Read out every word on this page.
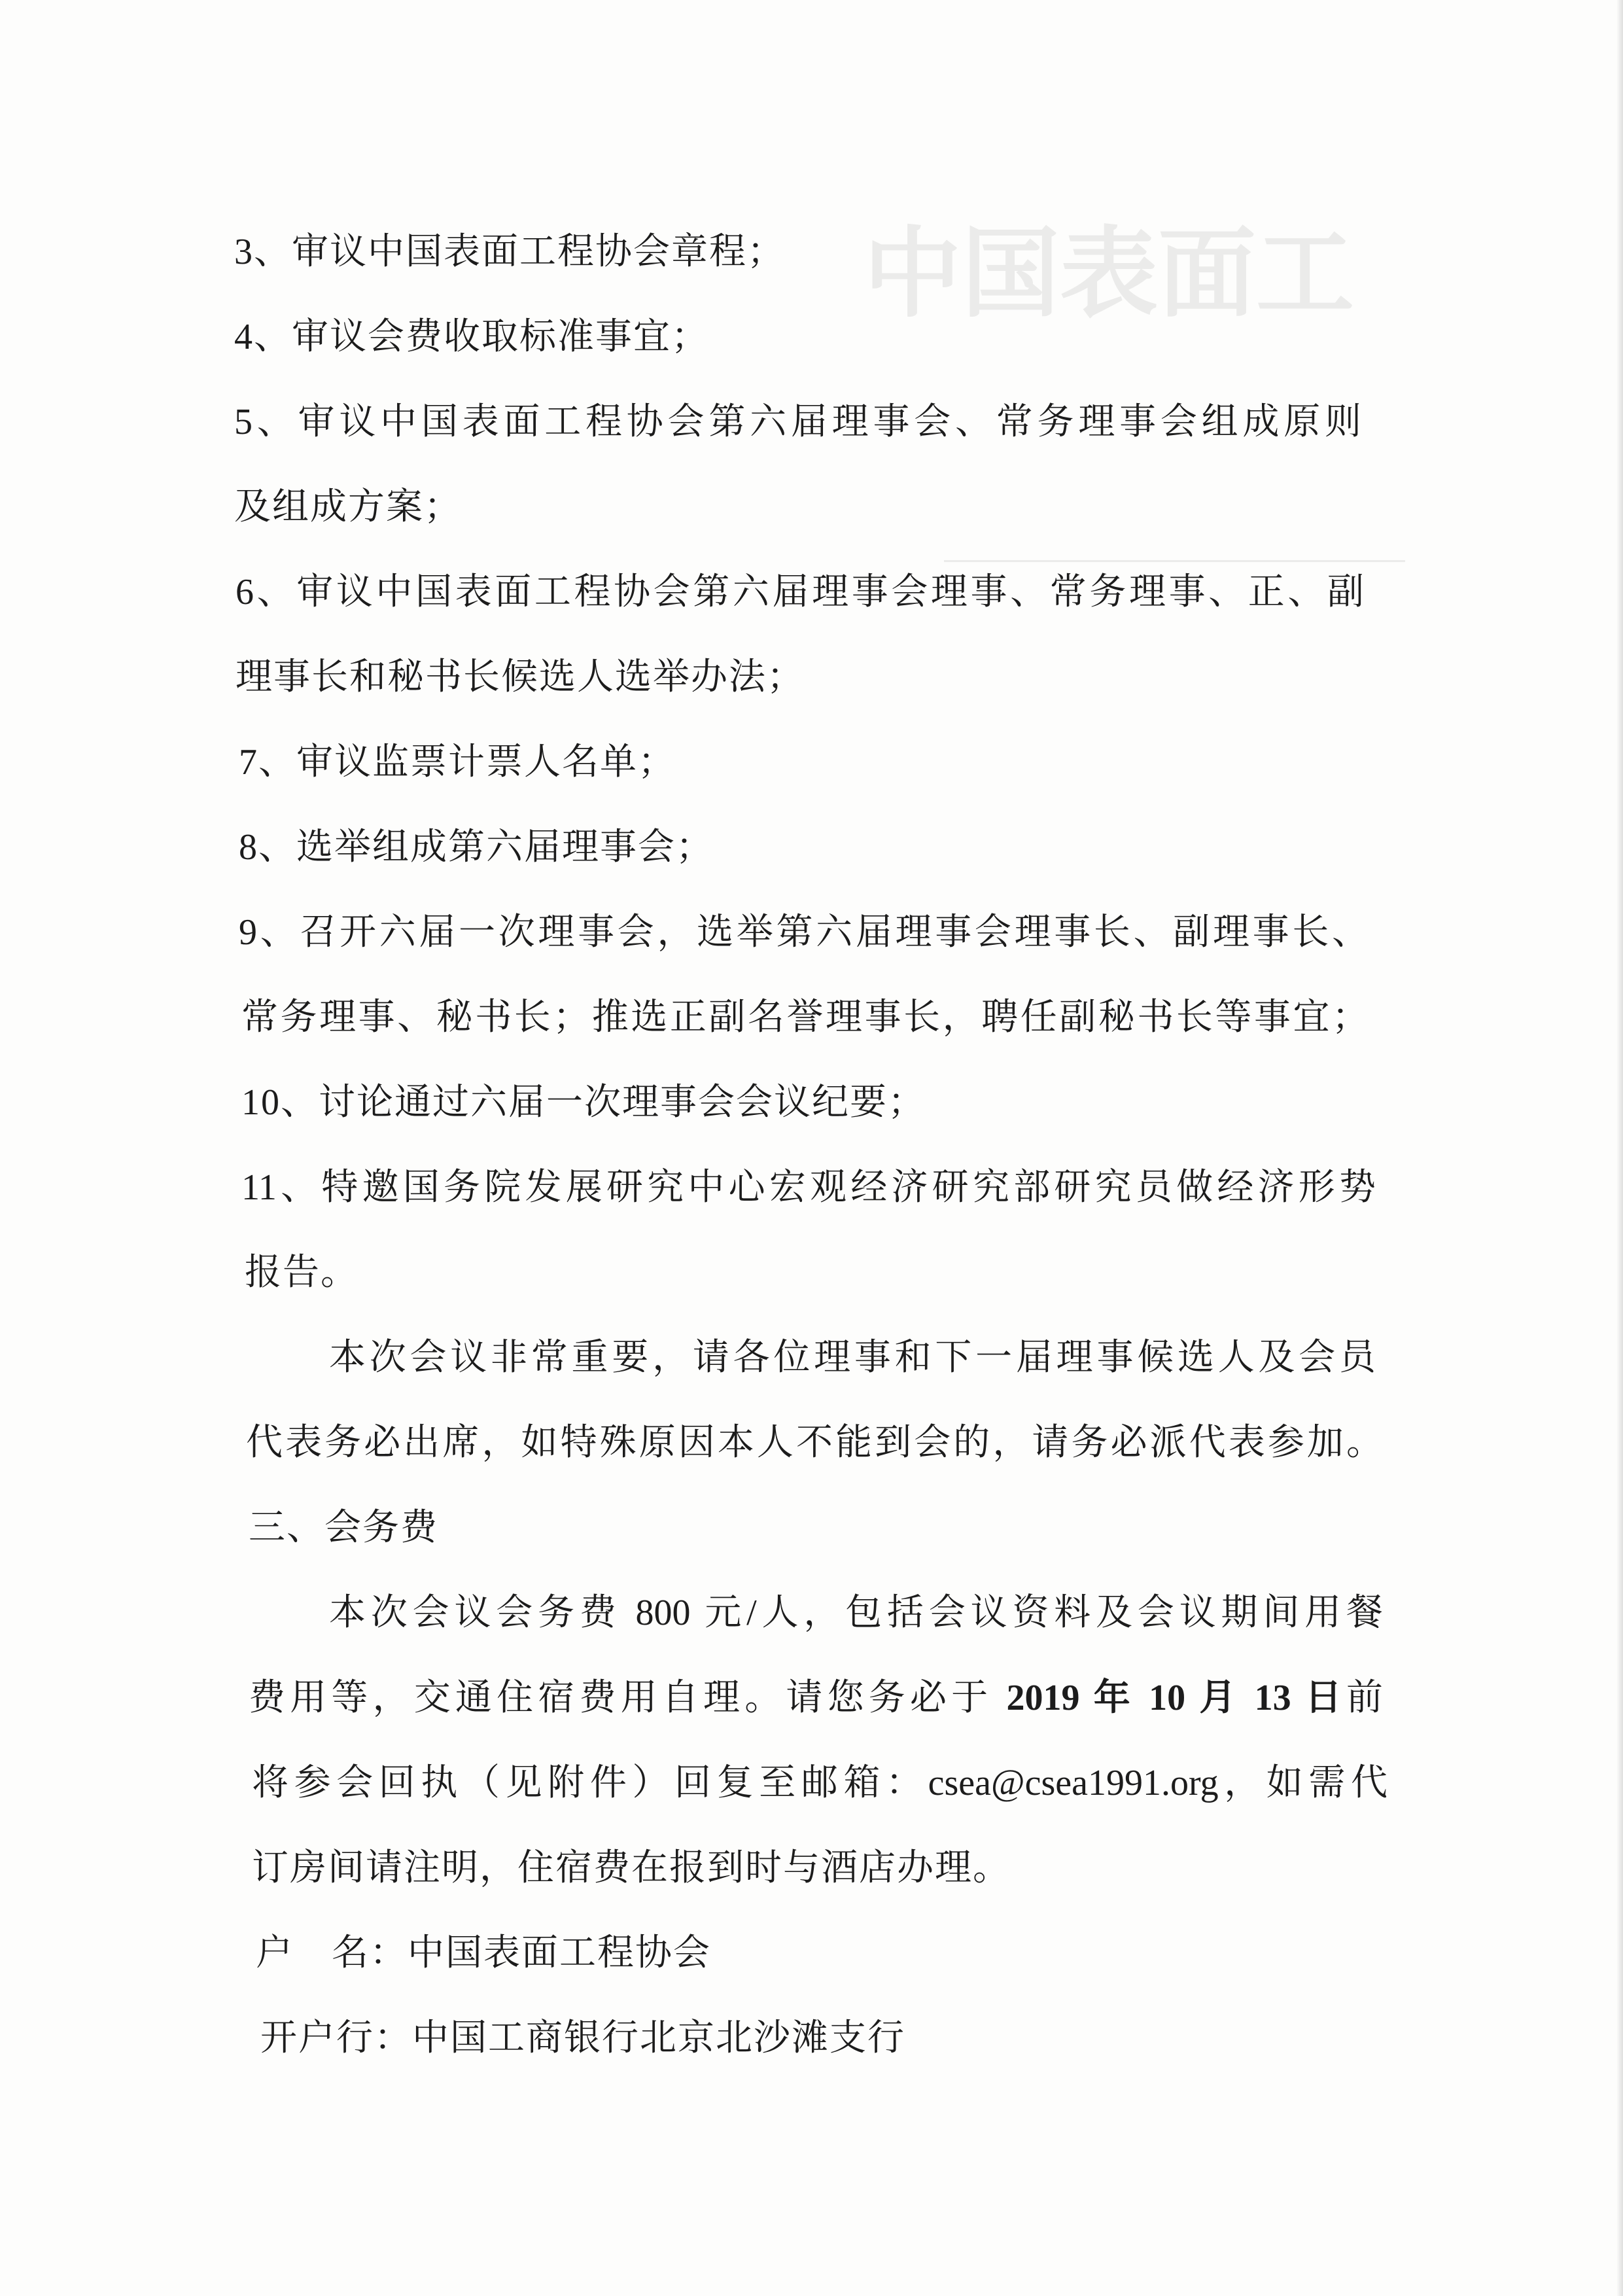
中国表面工
3、审议中国表面工程协会章程；
4、审议会费收取标准事宜；
5、审议中国表面工程协会第六届理事会、常务理事会组成原则
及组成方案；
6、审议中国表面工程协会第六届理事会理事、常务理事、正、副
理事长和秘书长候选人选举办法；
7、审议监票计票人名单；
8、选举组成第六届理事会；
9、召开六届一次理事会，选举第六届理事会理事长、副理事长、
常务理事、秘书长；推选正副名誉理事长，聘任副秘书长等事宜；
10、讨论通过六届一次理事会会议纪要；
11、特邀国务院发展研究中心宏观经济研究部研究员做经济形势
报告。
本次会议非常重要，请各位理事和下一届理事候选人及会员
代表务必出席，如特殊原因本人不能到会的，请务必派代表参加。
三、会务费
本次会议会务费 800 元/人，包括会议资料及会议期间用餐
费用等，交通住宿费用自理。请您务必于 2019 年 10 月 13 日前
将参会回执（见附件）回复至邮箱：csea@csea1991.org，如需代
订房间请注明，住宿费在报到时与酒店办理。
户　名：中国表面工程协会
开户行：中国工商银行北京北沙滩支行
